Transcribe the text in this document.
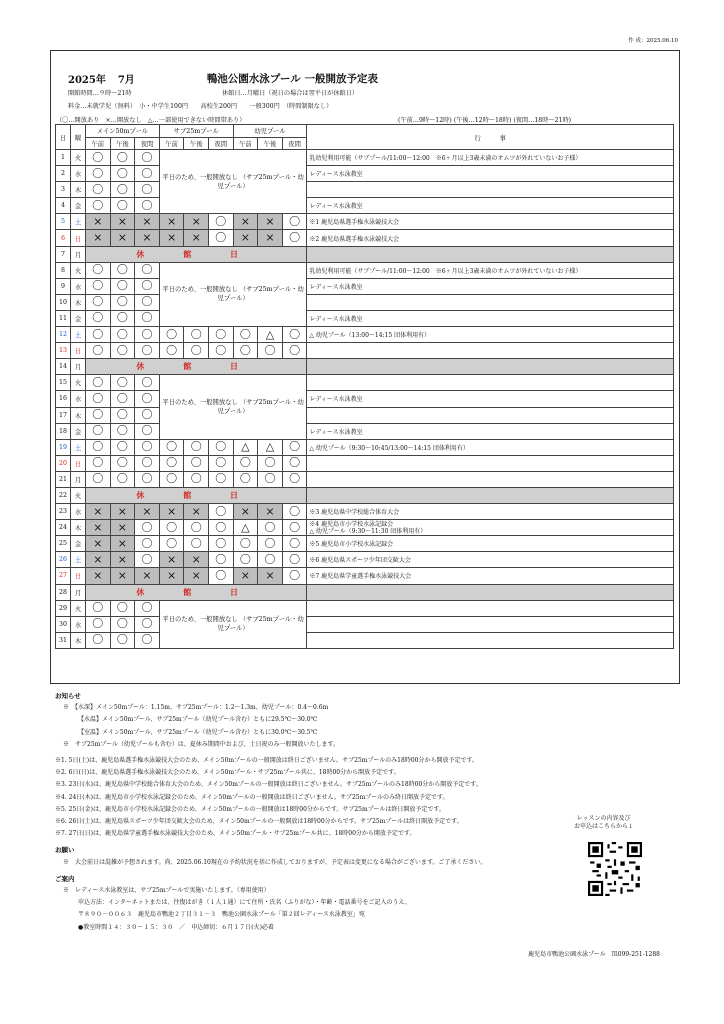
作 成：2025.06.10
2025年 7月	鴨池公園水泳プール 一般開放予定表
開館時間…９時～21時	休館日…月曜日（祝日の場合は翌平日が休館日）
料金…未就学児（無料）　小・中学生100円　　高校生200円　　一般300円　（時間制限なし）
（〇…開放あり　×…開放なし　△…一部使用できない時間帯あり）	(午前…9時～12時) (午後…12時～18時) (夜間…18時～21時)
日	曜	メイン50mプール			サブ25mプール			幼児プール			行　　　事
		午前	午後	夜間	午前	午後	夜間	午前	午後	夜間	
1	火	〇	〇	〇	平日のため、一般開放なし （サブ25mプール・幼児プール）						乳幼児利用可能（サブプール/11:00～12:00　※6ヶ月以上3歳未満のオムツが外れていないお子様）
2	水	〇	〇	〇							レディース水泳教室
3	木	〇	〇	〇							
4	金	〇	〇	〇							レディース水泳教室
5	土	×	×	×	×	×	〇	×	×	〇	※1 鹿児島県選手権水泳競技大会
6	日	×	×	×	×	×	〇	×	×	〇	※2 鹿児島県選手権水泳競技大会
7	月	休 館 日									
8	火	〇	〇	〇	平日のため、一般開放なし （サブ25mプール・幼児プール）						乳幼児利用可能（サブプール/11:00～12:00　※6ヶ月以上3歳未満のオムツが外れていないお子様）
9	水	〇	〇	〇							レディース水泳教室
10	木	〇	〇	〇							
11	金	〇	〇	〇							レディース水泳教室
12	土	〇	〇	〇	〇	〇	〇	〇	△	〇	△ 幼児プール（13:00～14:15 団体利用有）
13	日	〇	〇	〇	〇	〇	〇	〇	〇	〇	
14	月	休 館 日									
15	火	〇	〇	〇	平日のため、一般開放なし （サブ25mプール・幼児プール）						
16	水	〇	〇	〇							レディース水泳教室
17	木	〇	〇	〇							
18	金	〇	〇	〇							レディース水泳教室
19	土	〇	〇	〇	〇	〇	〇	△	△	〇	△ 幼児プール（9:30～10:45/13:00～14:15 団体利用有）
20	日	〇	〇	〇	〇	〇	〇	〇	〇	〇	
21	月	〇	〇	〇	〇	〇	〇	〇	〇	〇	
22	火	休 館 日									
23	水	×	×	×	×	×	〇	×	×	〇	※3 鹿児島県中学校総合体育大会
24	木	×	×	〇	〇	〇	〇	△	〇	〇	※4 鹿児島市小学校水泳記録会
△ 幼児プール（9:30～11:30 団体利用有）
25	金	×	×	〇	〇	〇	〇	〇	〇	〇	※5 鹿児島市小学校水泳記録会
26	土	×	×	〇	×	×	〇	〇	〇	〇	※6 鹿児島県スポーツ少年団交歓大会
27	日	×	×	×	×	×	〇	×	×	〇	※7 鹿児島県学童選手権水泳競技大会
28	月	休 館 日									
29	火	〇	〇	〇	平日のため、一般開放なし （サブ25mプール・幼児プール）						
30	水	〇	〇	〇							
31	木	〇	〇	〇							
お知らせ
※　【水深】メイン50mプール：1.15m、サブ25mプール：1.2～1.3m、幼児プール：0.4～0.6m
【水温】メイン50mプール、サブ25mプール（幼児プール含む）ともに29.5℃～30.0℃
【室温】メイン50mプール、サブ25mプール（幼児プール含む）ともに30.0℃～30.5℃
※　サブ25mプール（幼児プールも含む）は、夏休み期間中および、土日祝のみ一般開放いたします。
※1. 5日(土)は、鹿児島県選手権水泳競技大会のため、メイン50mプールの一般開放は終日ございません。サブ25mプールのみ18時00分から開放予定です。
※2. 6日(日)は、鹿児島県選手権水泳競技大会のため、メイン50mプール・サブ25mプール共に、18時00分から開放予定です。
※3. 23日(水)は、鹿児島県中学校総合体育大会のため、メイン50mプールの一般開放は終日ございません。サブ25mプールのみ18時00分から開放予定です。
※4. 24日(木)は、鹿児島市小学校水泳記録会のため、メイン50mプールの一般開放は終日ございません。サブ25mプールのみ終日開放予定です。
※5. 25日(金)は、鹿児島市小学校水泳記録会のため、メイン50mプールの一般開放は18時00分からです。サブ25mプールは終日開放予定です。
※6. 26日(土)は、鹿児島県スポーツ少年団交歓大会のため、メイン50mプールの一般開放は18時00分からです。サブ25mプールは終日開放予定です。
※7. 27日(日)は、鹿児島県学童選手権水泳競技大会のため、メイン50mプール・サブ25mプール共に、18時00分から開放予定です。
お願い
※　大会前日は混雑が予想されます。尚、2025.06.10現在の予約状況を基に作成しておりますが、予定表は変更になる場合がございます。ご了承ください。
ご案内
※　レディース水泳教室は、サブ25mプールで実施いたします。（専用使用）
申込方法：インターネットまたは、往復はがき（１人１通）にて住所・氏名（ふりがな）・年齢・電話番号をご記入のうえ、
〒８９０－００６３　鹿児島市鴨池２丁目３１－３　鴨池公園水泳プール「第２回レディース水泳教室」宛
●教室時間１４：３０～１５：３０　／　申込締切：６月１７日(火)必着
レッスンの内容及び
お申込はこちらから↓
鹿児島市鴨池公園水泳プール　℡099-251-1288
